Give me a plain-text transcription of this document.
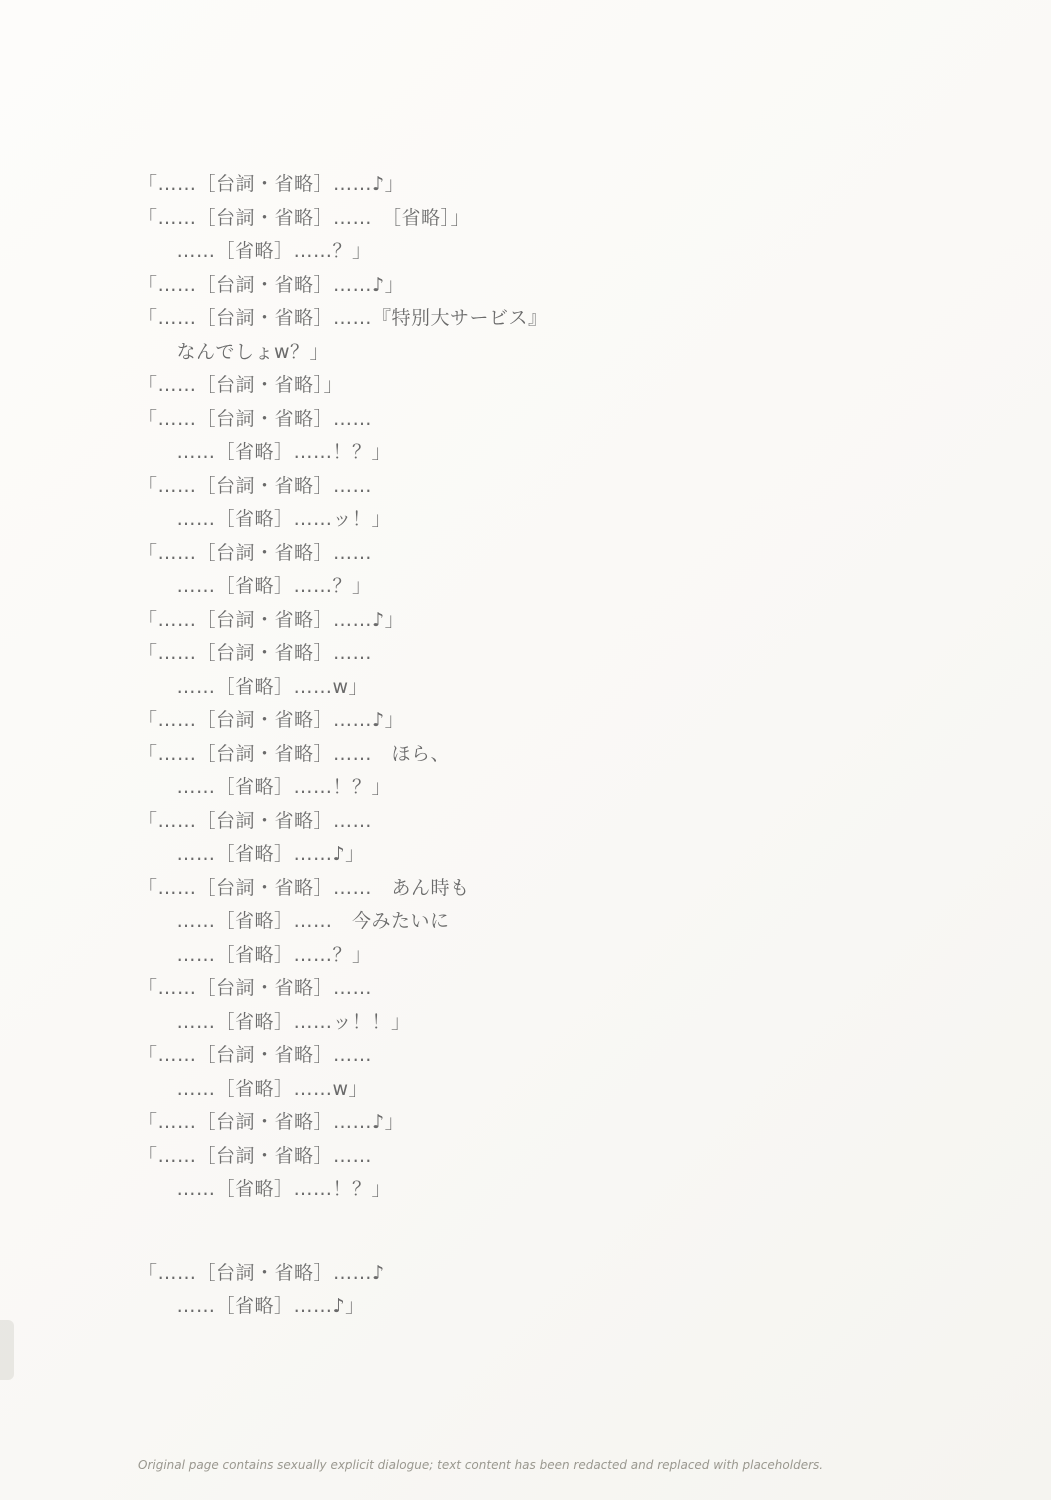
「……［台詞・省略］……♪」
「……［台詞・省略］……　［省略］」
　……［省略］……？」
「……［台詞・省略］……♪」
「……［台詞・省略］……『特別大サービス』
　なんでしょw？」
「……［台詞・省略］」
「……［台詞・省略］……
　……［省略］……！？」
「……［台詞・省略］……
　……［省略］……ッ！」
「……［台詞・省略］……
　……［省略］……？」
「……［台詞・省略］……♪」
「……［台詞・省略］……
　……［省略］……w」
「……［台詞・省略］……♪」
「……［台詞・省略］……　ほら、
　……［省略］……！？」
「……［台詞・省略］……
　……［省略］……♪」
「……［台詞・省略］……　あん時も
　……［省略］……　今みたいに
　……［省略］……？」
「……［台詞・省略］……
　……［省略］……ッ！！」
「……［台詞・省略］……
　……［省略］……w」
「……［台詞・省略］……♪」
「……［台詞・省略］……
　……［省略］……！？」
「……［台詞・省略］……♪
　……［省略］……♪」
Original page contains sexually explicit dialogue; text content has been redacted and replaced with placeholders.
